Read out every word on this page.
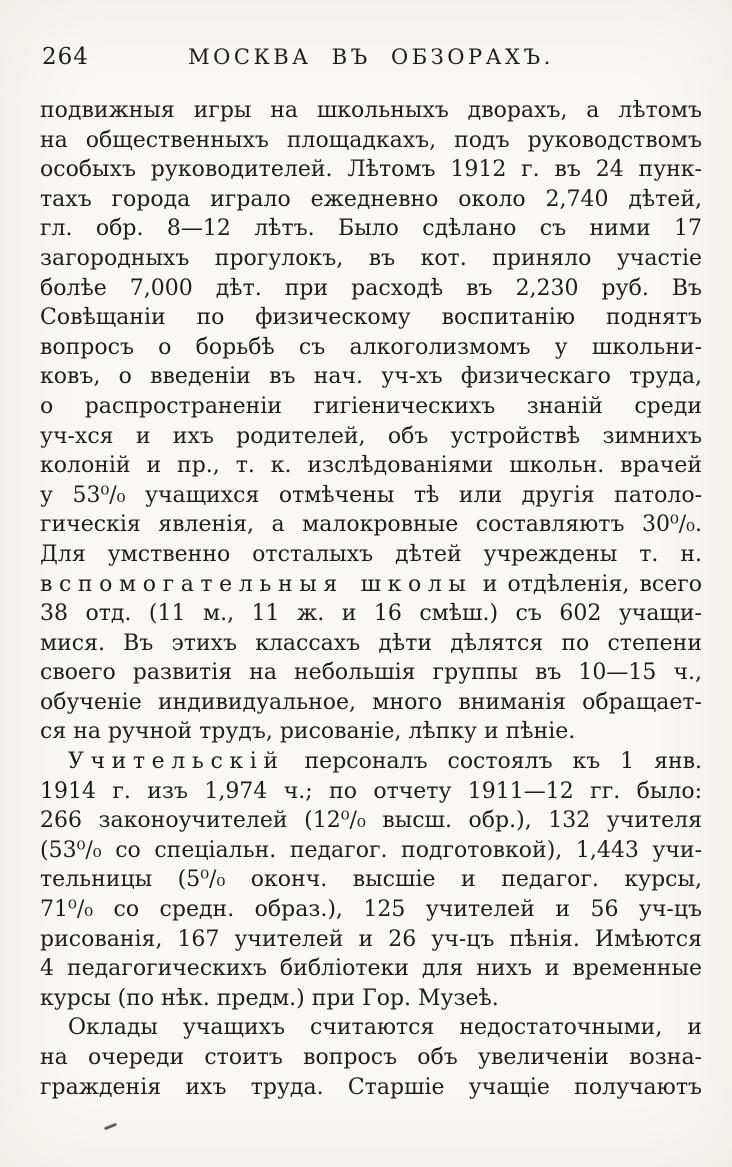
264	МОСКВА ВЪ ОБЗОРАХЪ.
подвижныя игры на школьныхъ дворахъ, а лѣтомъ
на общественныхъ площадкахъ, подъ руководствомъ
особыхъ руководителей. Лѣтомъ 1912 г. въ 24 пунк-
тахъ города играло ежедневно около 2,740 дѣтей,
гл. обр. 8—12 лѣтъ. Было сдѣлано съ ними 17
загородныхъ прогулокъ, въ кот. приняло участіе
болѣе 7,000 дѣт. при расходѣ въ 2,230 руб. Въ
Совѣщаніи по физическому воспитанію поднятъ
вопросъ о борьбѣ съ алкоголизмомъ у школьни-
ковъ, о введеніи въ нач. уч-хъ физическаго труда,
о распространеніи гигіеническихъ знаній среди
уч-хся и ихъ родителей, объ устройствѣ зимнихъ
колоній и пр., т. к. изслѣдованіями школьн. врачей
у 53⁰/₀ учащихся отмѣчены тѣ или другія патоло-
гическія явленія, а малокровные составляютъ 30⁰/₀.
Для умственно отсталыхъ дѣтей учреждены т. н.
вспомогательныя школы и отдѣленія, всего
38 отд. (11 м., 11 ж. и 16 смѣш.) съ 602 учащи-
мися. Въ этихъ классахъ дѣти дѣлятся по степени
своего развитія на небольшія группы въ 10—15 ч.,
обученіе индивидуальное, много вниманія обращает-
ся на ручной трудъ, рисованіе, лѣпку и пѣніе.
Учительскій персоналъ состоялъ къ 1 янв.
1914 г. изъ 1,974 ч.; по отчету 1911—12 гг. было:
266 законоучителей (12⁰/₀ высш. обр.), 132 учителя
(53⁰/₀ со спеціальн. педагог. подготовкой), 1,443 учи-
тельницы (5⁰/₀ оконч. высшіе и педагог. курсы,
71⁰/₀ со средн. образ.), 125 учителей и 56 уч-цъ
рисованія, 167 учителей и 26 уч-цъ пѣнія. Имѣются
4 педагогическихъ библіотеки для нихъ и временные
курсы (по нѣк. предм.) при Гор. Музеѣ.
Оклады учащихъ считаются недостаточными, и
на очереди стоитъ вопросъ объ увеличеніи возна-
гражденія ихъ труда. Старшіе учащіе получаютъ
